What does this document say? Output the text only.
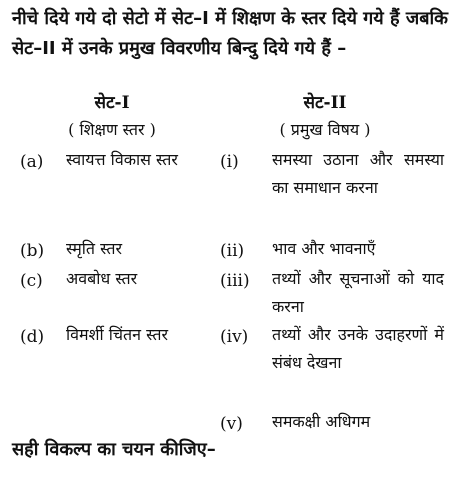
नीचे दिये गये दो सेटो में सेट–I में शिक्षण के स्तर दिये गये हैं जबकि सेट–II में उनके प्रमुख विवरणीय बिन्दु दिये गये हैं –
सेट-I
( शिक्षण स्तर )
सेट-II
( प्रमुख विषय )
(a) स्वायत्त विकास स्तर
(b) स्मृति स्तर
(c) अवबोध स्तर
(d) विमर्शी चिंतन स्तर
(i) समस्या उठाना और समस्या का समाधान करना
(ii) भाव और भावनाएँ
(iii) तथ्यों और सूचनाओं को याद करना
(iv) तथ्यों और उनके उदाहरणों में संबंध देखना
(v) समकक्षी अधिगम
सही विकल्प का चयन कीजिए–
